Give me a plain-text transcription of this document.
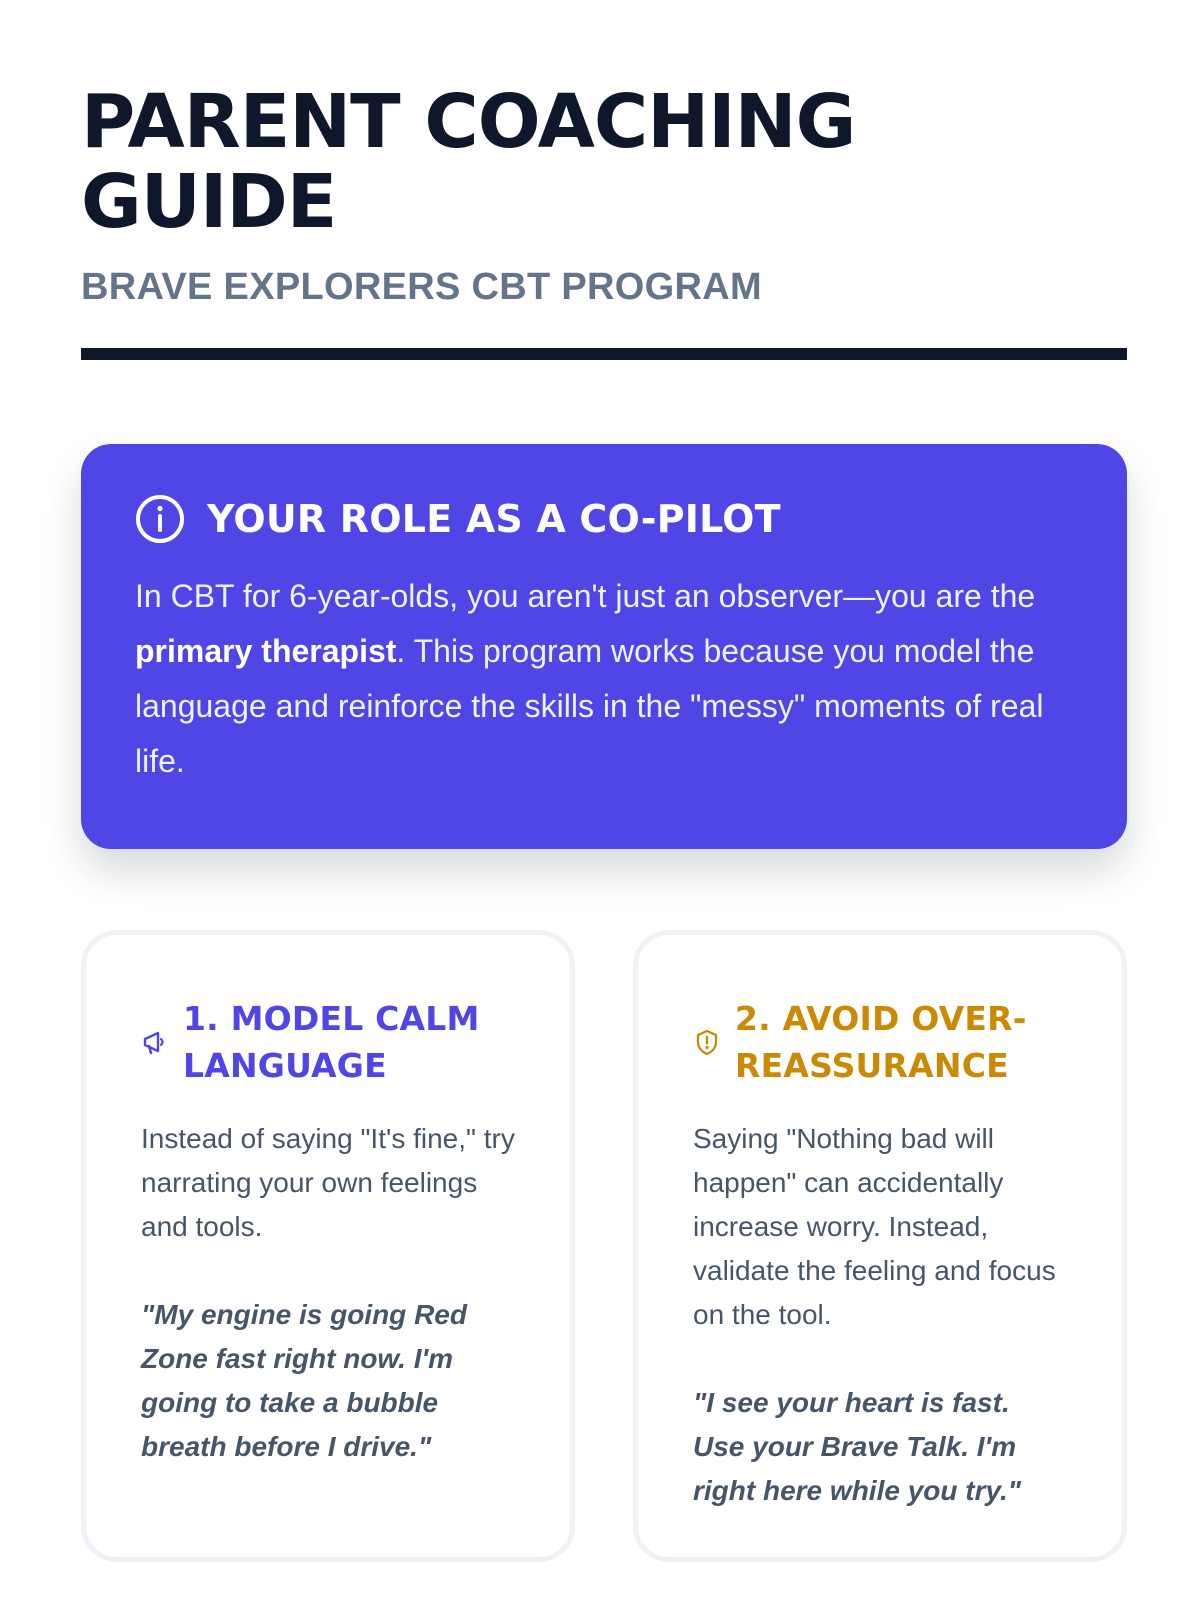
PARENT COACHING GUIDE
BRAVE EXPLORERS CBT PROGRAM
YOUR ROLE AS A CO-PILOT

In CBT for 6-year-olds, you aren't just an observer—you are the primary therapist. This program works because you model the language and reinforce the skills in the "messy" moments of real life.

1. MODEL CALM LANGUAGE

Instead of saying "It's fine," try narrating your own feelings and tools.

"My engine is going Red Zone fast right now. I'm going to take a bubble breath before I drive."

2. AVOID OVER-REASSURANCE

Saying "Nothing bad will happen" can accidentally increase worry. Instead, validate the feeling and focus on the tool.

"I see your heart is fast. Use your Brave Talk. I'm right here while you try."
